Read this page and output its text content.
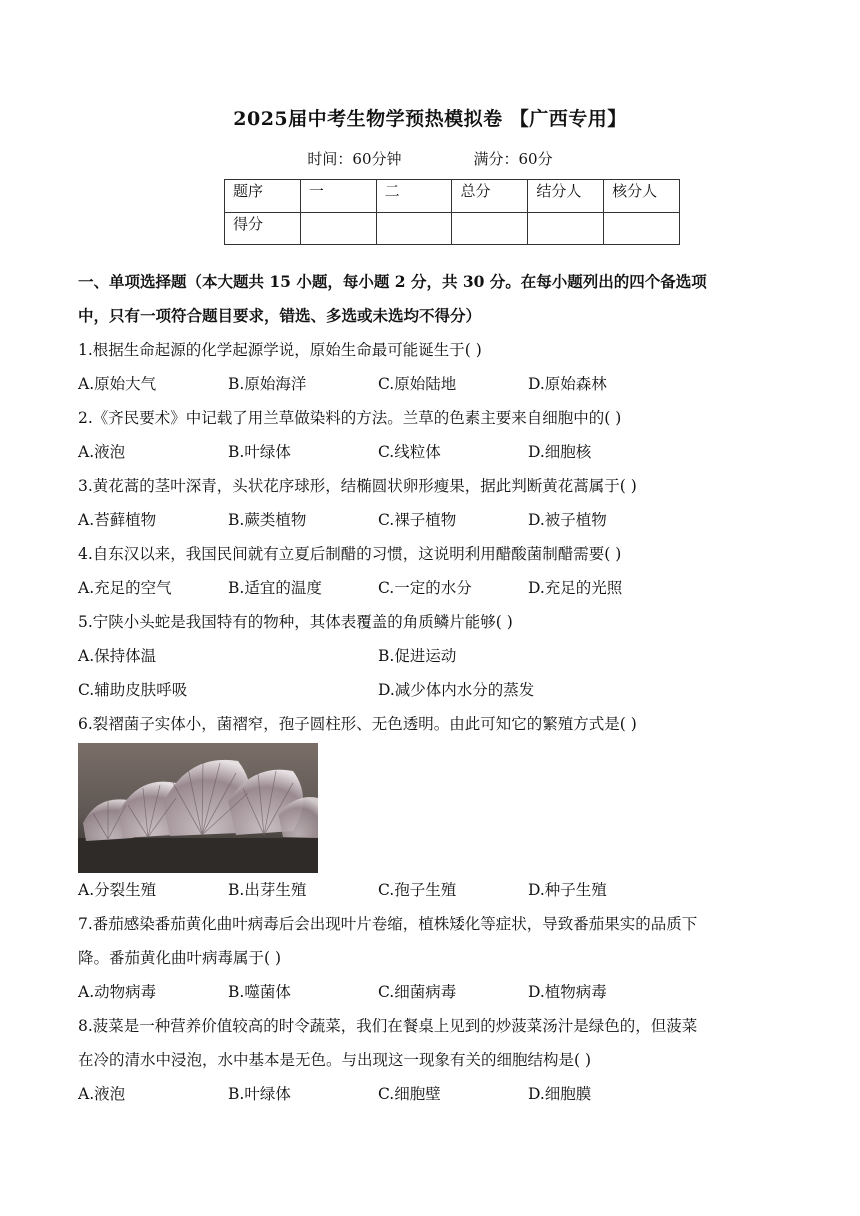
2025届中考生物学预热模拟卷 【广西专用】
时间：60分钟	满分：60分
题序	一	二	总分	结分人	核分人
得分					

一、单项选择题（本大题共 15 小题，每小题 2 分，共 30 分。在每小题列出的四个备选项

中，只有一项符合题目要求，错选、多选或未选均不得分）

1.根据生命起源的化学起源学说，原始生命最可能诞生于( )

A.原始大气	B.原始海洋	C.原始陆地	D.原始森林

2.《齐民要术》中记载了用兰草做染料的方法。兰草的色素主要来自细胞中的( )

A.液泡	B.叶绿体	C.线粒体	D.细胞核

3.黄花蒿的茎叶深青，头状花序球形，结椭圆状卵形瘦果，据此判断黄花蒿属于( )

A.苔藓植物	B.蕨类植物	C.裸子植物	D.被子植物

4.自东汉以来，我国民间就有立夏后制醋的习惯，这说明利用醋酸菌制醋需要( )

A.充足的空气	B.适宜的温度	C.一定的水分	D.充足的光照

5.宁陕小头蛇是我国特有的物种，其体表覆盖的角质鳞片能够( )

A.保持体温	B.促进运动
C.辅助皮肤呼吸	D.减少体内水分的蒸发

6.裂褶菌子实体小，菌褶窄，孢子圆柱形、无色透明。由此可知它的繁殖方式是( )

A.分裂生殖	B.出芽生殖	C.孢子生殖	D.种子生殖

7.番茄感染番茄黄化曲叶病毒后会出现叶片卷缩，植株矮化等症状，导致番茄果实的品质下

降。番茄黄化曲叶病毒属于( )

A.动物病毒	B.噬菌体	C.细菌病毒	D.植物病毒

8.菠菜是一种营养价值较高的时令蔬菜，我们在餐桌上见到的炒菠菜汤汁是绿色的，但菠菜

在冷的清水中浸泡，水中基本是无色。与出现这一现象有关的细胞结构是( )

A.液泡	B.叶绿体	C.细胞壁	D.细胞膜
